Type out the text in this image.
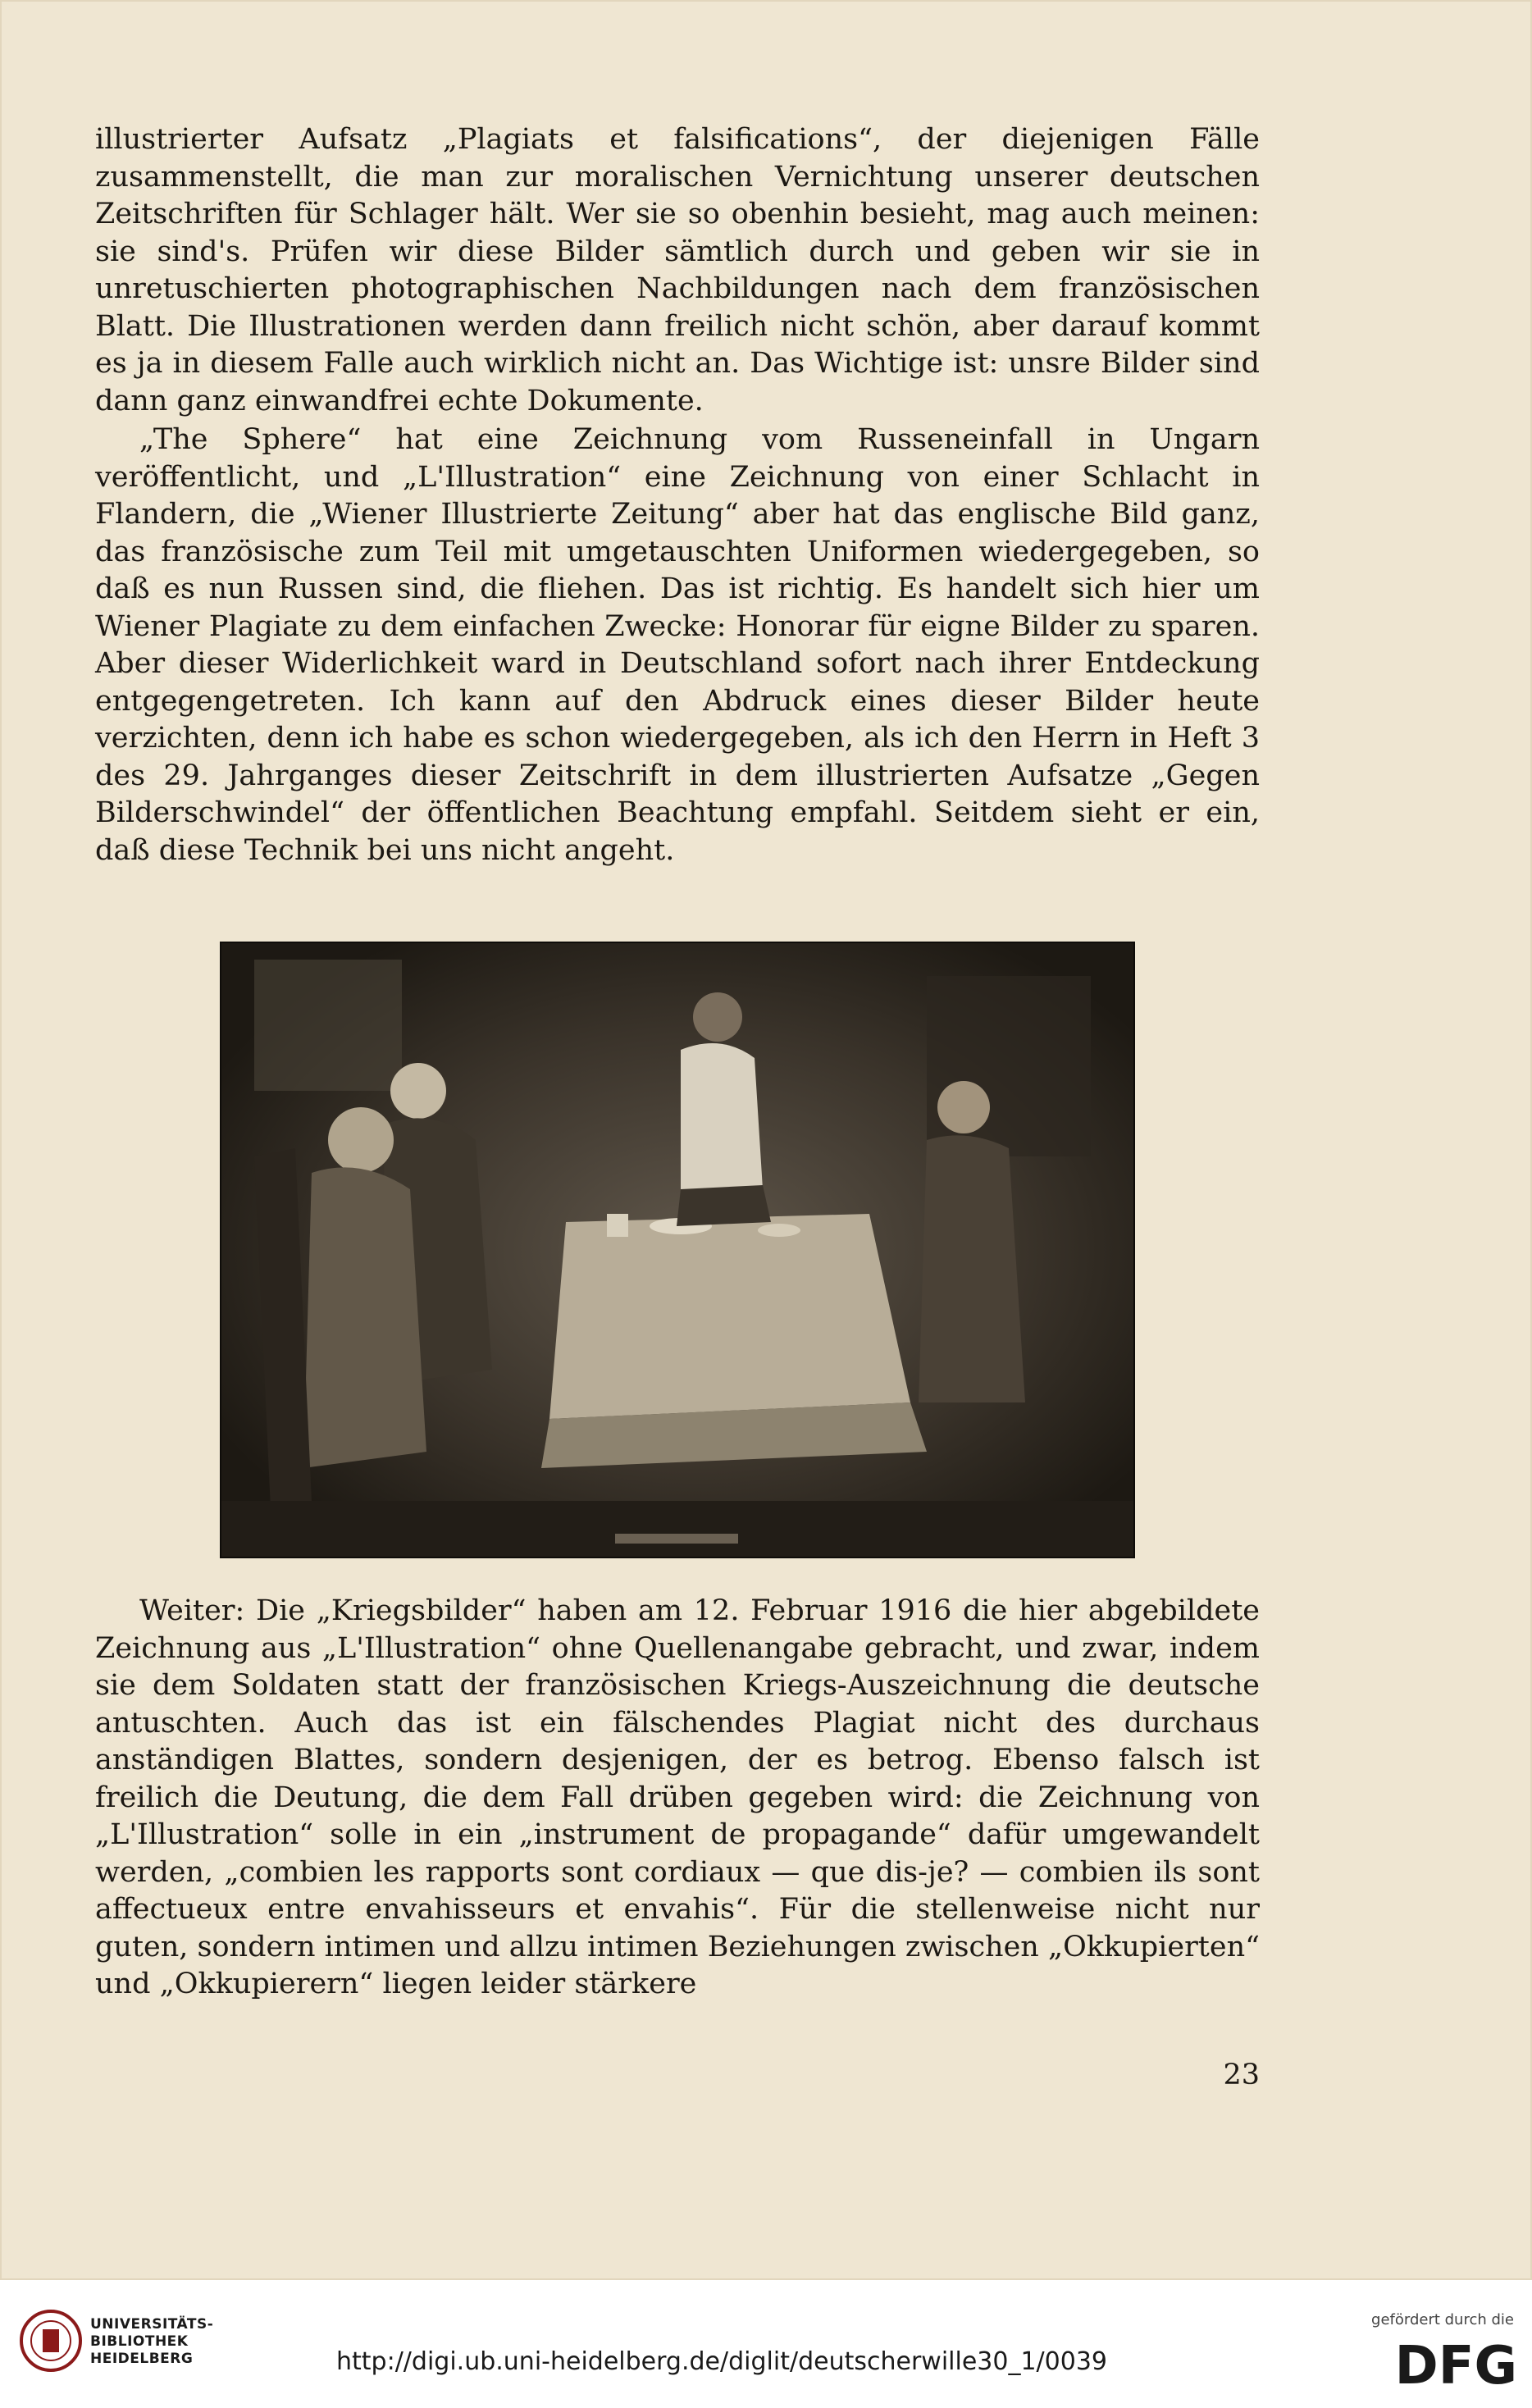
illustrierter Aufsatz „Plagiats et falsifications“, der diejenigen Fälle zusammenstellt, die man zur moralischen Vernichtung unserer deutschen Zeitschriften für Schlager hält. Wer sie so obenhin besieht, mag auch meinen: sie sind's. Prüfen wir diese Bilder sämtlich durch und geben wir sie in unretuschierten photographischen Nachbildungen nach dem französischen Blatt. Die Illustrationen werden dann freilich nicht schön, aber darauf kommt es ja in diesem Falle auch wirklich nicht an. Das Wichtige ist: unsre Bilder sind dann ganz einwandfrei echte Dokumente.

„The Sphere“ hat eine Zeichnung vom Russeneinfall in Ungarn veröffentlicht, und „L'Illustration“ eine Zeichnung von einer Schlacht in Flandern, die „Wiener Illustrierte Zeitung“ aber hat das englische Bild ganz, das französische zum Teil mit umgetauschten Uniformen wiedergegeben, so daß es nun Russen sind, die fliehen. Das ist richtig. Es handelt sich hier um Wiener Plagiate zu dem einfachen Zwecke: Honorar für eigne Bilder zu sparen. Aber dieser Widerlichkeit ward in Deutschland sofort nach ihrer Entdeckung entgegengetreten. Ich kann auf den Abdruck eines dieser Bilder heute verzichten, denn ich habe es schon wiedergegeben, als ich den Herrn in Heft 3 des 29. Jahrganges dieser Zeitschrift in dem illustrierten Aufsatze „Gegen Bilderschwindel“ der öffentlichen Beachtung empfahl. Seitdem sieht er ein, daß diese Technik bei uns nicht angeht.

Weiter: Die „Kriegsbilder“ haben am 12. Februar 1916 die hier abgebildete Zeichnung aus „L'Illustration“ ohne Quellenangabe gebracht, und zwar, indem sie dem Soldaten statt der französischen Kriegs-Auszeichnung die deutsche antuschten. Auch das ist ein fälschendes Plagiat nicht des durchaus anständigen Blattes, sondern desjenigen, der es betrog. Ebenso falsch ist freilich die Deutung, die dem Fall drüben gegeben wird: die Zeichnung von „L'Illustration“ solle in ein „instrument de propagande“ dafür umgewandelt werden, „combien les rapports sont cordiaux — que dis-je? — combien ils sont affectueux entre envahisseurs et envahis“. Für die stellenweise nicht nur guten, sondern intimen und allzu intimen Beziehungen zwischen „Okkupierten“ und „Okkupierern“ liegen leider stärkere

23
UNIVERSITÄTS-
BIBLIOTHEK
HEIDELBERG	http://digi.ub.uni-heidelberg.de/diglit/deutscherwille30_1/0039
gefördert durch die
DFG
